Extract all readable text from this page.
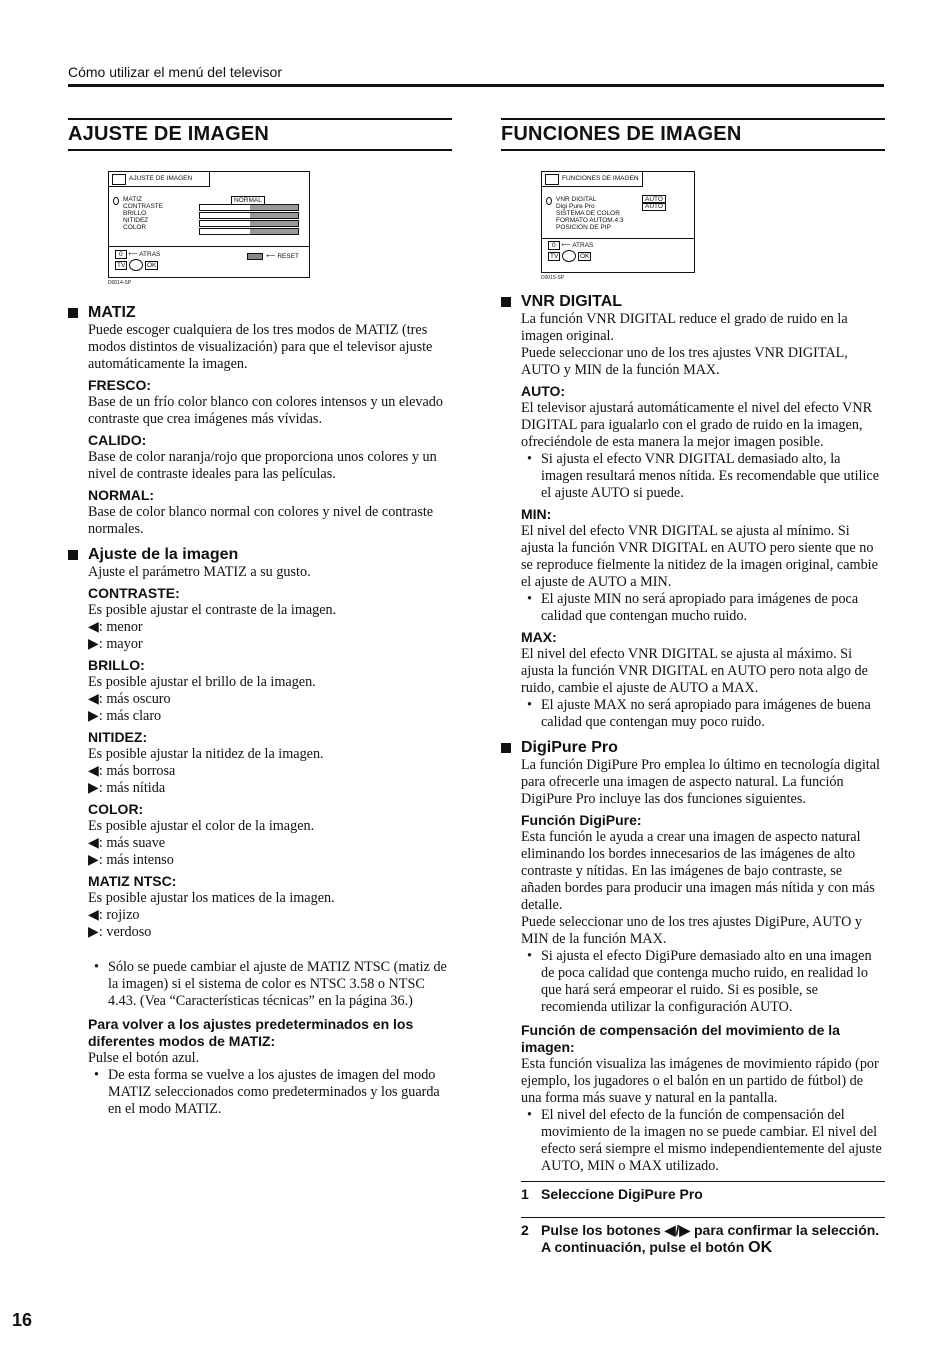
Cómo utilizar el menú del televisor
AJUSTE DE IMAGEN
AJUSTE DE IMAGEN
MATIZ
CONTRASTE
BRILLO
NITIDEZ
COLOR
NORMAL
0 ⟵ ATRAS
TV	OK
⟵ RESET
D0014-SP
MATIZ

Puede escoger cualquiera de los tres modos de MATIZ (tres modos distintos de visualización) para que el televisor ajuste automáticamente la imagen.

FRESCO:

Base de un frío color blanco con colores intensos y un elevado contraste que crea imágenes más vívidas.

CALIDO:

Base de color naranja/rojo que proporciona unos colores y un nivel de contraste ideales para las películas.

NORMAL:

Base de color blanco normal con colores y nivel de contraste normales.

Ajuste de la imagen

Ajuste el parámetro MATIZ a su gusto.

CONTRASTE:

Es posible ajustar el contraste de la imagen.

◀: menor

▶: mayor

BRILLO:

Es posible ajustar el brillo de la imagen.

◀: más oscuro

▶: más claro

NITIDEZ:

Es posible ajustar la nitidez de la imagen.

◀: más borrosa

▶: más nítida

COLOR:

Es posible ajustar el color de la imagen.

◀: más suave

▶: más intenso

MATIZ NTSC:

Es posible ajustar los matices de la imagen.

◀: rojizo

▶: verdoso

• Sólo se puede cambiar el ajuste de MATIZ NTSC (matiz de la imagen) si el sistema de color es NTSC 3.58 o NTSC 4.43. (Vea “Características técnicas” en la página 36.)

Para volver a los ajustes predeterminados en los diferentes modos de MATIZ:

Pulse el botón azul.

• De esta forma se vuelve a los ajustes de imagen del modo MATIZ seleccionados como predeterminados y los guarda en el modo MATIZ.

FUNCIONES DE IMAGEN
FUNCIONES DE IMAGEN
VNR DIGITAL
Digi Pure Pro
SISTEMA DE COLOR
FORMATO AUTOM.4:3
POSICION DE PIP
AUTO
AUTO
0 ⟵ ATRAS
TV	OK
D0015-SP
VNR DIGITAL

La función VNR DIGITAL reduce el grado de ruido en la imagen original.

Puede seleccionar uno de los tres ajustes VNR DIGITAL, AUTO y MIN de la función MAX.

AUTO:

El televisor ajustará automáticamente el nivel del efecto VNR DIGITAL para igualarlo con el grado de ruido en la imagen, ofreciéndole de esta manera la mejor imagen posible.

• Si ajusta el efecto VNR DIGITAL demasiado alto, la imagen resultará menos nítida. Es recomendable que utilice el ajuste AUTO si puede.

MIN:

El nivel del efecto VNR DIGITAL se ajusta al mínimo. Si ajusta la función VNR DIGITAL en AUTO pero siente que no se reproduce fielmente la nitidez de la imagen original, cambie el ajuste de AUTO a MIN.

• El ajuste MIN no será apropiado para imágenes de poca calidad que contengan mucho ruido.

MAX:

El nivel del efecto VNR DIGITAL se ajusta al máximo. Si ajusta la función VNR DIGITAL en AUTO pero nota algo de ruido, cambie el ajuste de AUTO a MAX.

• El ajuste MAX no será apropiado para imágenes de buena calidad que contengan muy poco ruido.

DigiPure Pro

La función DigiPure Pro emplea lo último en tecnología digital para ofrecerle una imagen de aspecto natural. La función DigiPure Pro incluye las dos funciones siguientes.

Función DigiPure:

Esta función le ayuda a crear una imagen de aspecto natural eliminando los bordes innecesarios de las imágenes de alto contraste y nítidas. En las imágenes de bajo contraste, se añaden bordes para producir una imagen más nítida y con más detalle.

Puede seleccionar uno de los tres ajustes DigiPure, AUTO y MIN de la función MAX.

• Si ajusta el efecto DigiPure demasiado alto en una imagen de poca calidad que contenga mucho ruido, en realidad lo que hará será empeorar el ruido. Si es posible, se recomienda utilizar la configuración AUTO.

Función de compensación del movimiento de la imagen:

Esta función visualiza las imágenes de movimiento rápido (por ejemplo, los jugadores o el balón en un partido de fútbol) de una forma más suave y natural en la pantalla.

• El nivel del efecto de la función de compensación del movimiento de la imagen no se puede cambiar. El nivel del efecto será siempre el mismo independientemente del ajuste AUTO, MIN o MAX utilizado.

1 Seleccione DigiPure Pro
2 Pulse los botones ◀/▶ para confirmar la selección. A continuación, pulse el botón OK
16
